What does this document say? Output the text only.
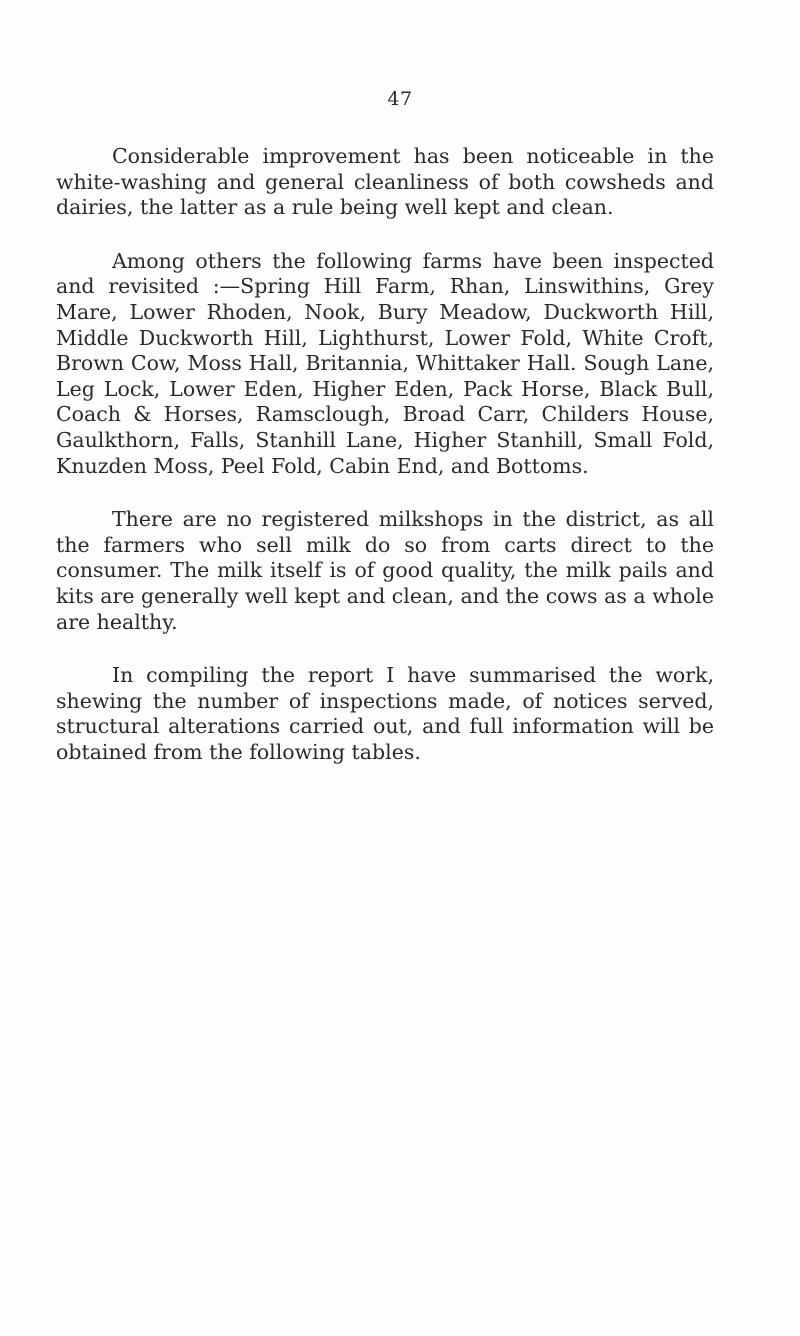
47

Considerable improvement has been noticeable in the white-washing and general cleanliness of both cowsheds and dairies, the latter as a rule being well kept and clean.

Among others the following farms have been inspected and revisited :—Spring Hill Farm, Rhan, Linswithins, Grey Mare, Lower Rhoden, Nook, Bury Meadow, Duckworth Hill, Middle Duckworth Hill, Lighthurst, Lower Fold, White Croft, Brown Cow, Moss Hall, Britannia, Whittaker Hall. Sough Lane, Leg Lock, Lower Eden, Higher Eden, Pack Horse, Black Bull, Coach & Horses, Ramsclough, Broad Carr, Childers House, Gaulkthorn, Falls, Stanhill Lane, Higher Stanhill, Small Fold, Knuzden Moss, Peel Fold, Cabin End, and Bottoms.

There are no registered milkshops in the district, as all the farmers who sell milk do so from carts direct to the consumer. The milk itself is of good quality, the milk pails and kits are generally well kept and clean, and the cows as a whole are healthy.

In compiling the report I have summarised the work, shewing the number of inspections made, of notices served, structural alterations carried out, and full information will be obtained from the following tables.
